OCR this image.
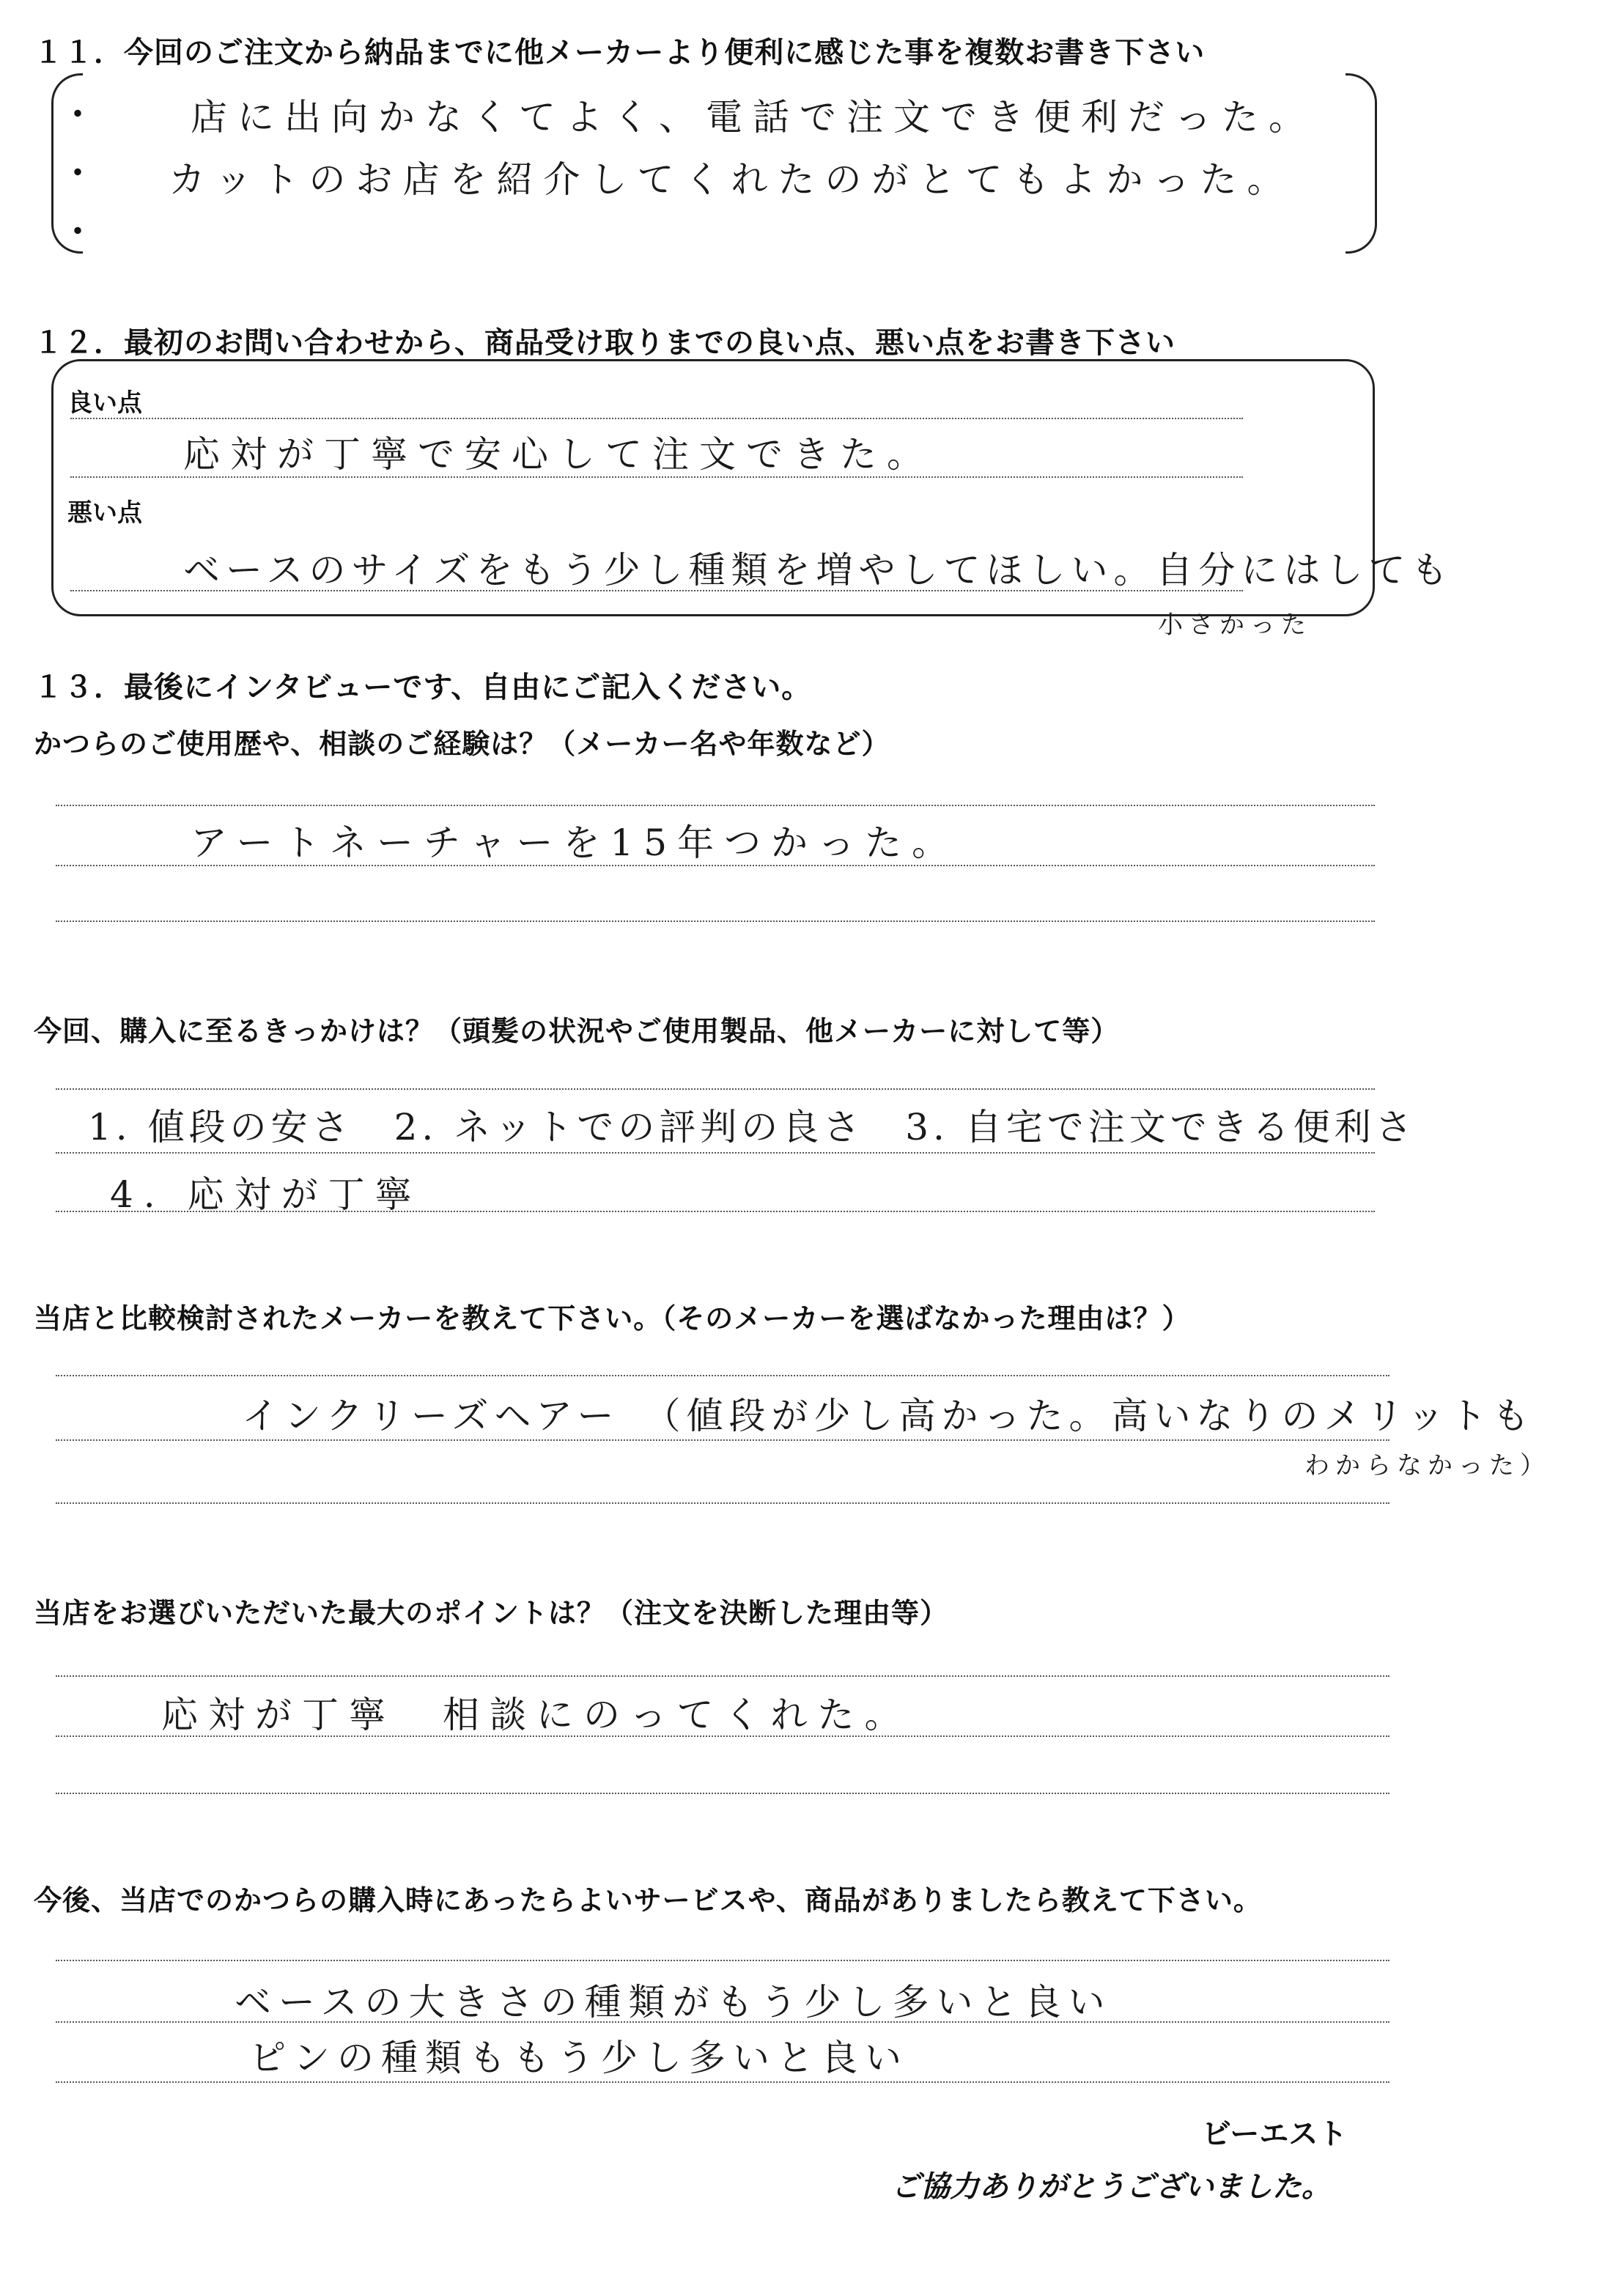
１１．今回のご注文から納品までに他メーカーより便利に感じた事を複数お書き下さい
・
・
・
店に出向かなくてよく、電話で注文でき便利だった。
カットのお店を紹介してくれたのがとてもよかった。
１２．最初のお問い合わせから、商品受け取りまでの良い点、悪い点をお書き下さい
良い点
応対が丁寧で安心して注文できた。
悪い点
ベースのサイズをもう少し種類を増やしてほしい。自分にはしても
小さかった
１３．最後にインタビューです、自由にご記入ください。
かつらのご使用歴や、相談のご経験は？（メーカー名や年数など）
アートネーチャーを15年つかった。
今回、購入に至るきっかけは？（頭髪の状況やご使用製品、他メーカーに対して等）
1. 値段の安さ　2. ネットでの評判の良さ　3. 自宅で注文できる便利さ
4. 応対が丁寧
当店と比較検討されたメーカーを教えて下さい。（そのメーカーを選ばなかった理由は？）
インクリーズヘアー　（値段が少し高かった。高いなりのメリットも
わからなかった）
当店をお選びいただいた最大のポイントは？（注文を決断した理由等）
応対が丁寧　相談にのってくれた。
今後、当店でのかつらの購入時にあったらよいサービスや、商品がありましたら教えて下さい。
ベースの大きさの種類がもう少し多いと良い
ピンの種類ももう少し多いと良い
ビーエスト
ご協力ありがとうございました。
